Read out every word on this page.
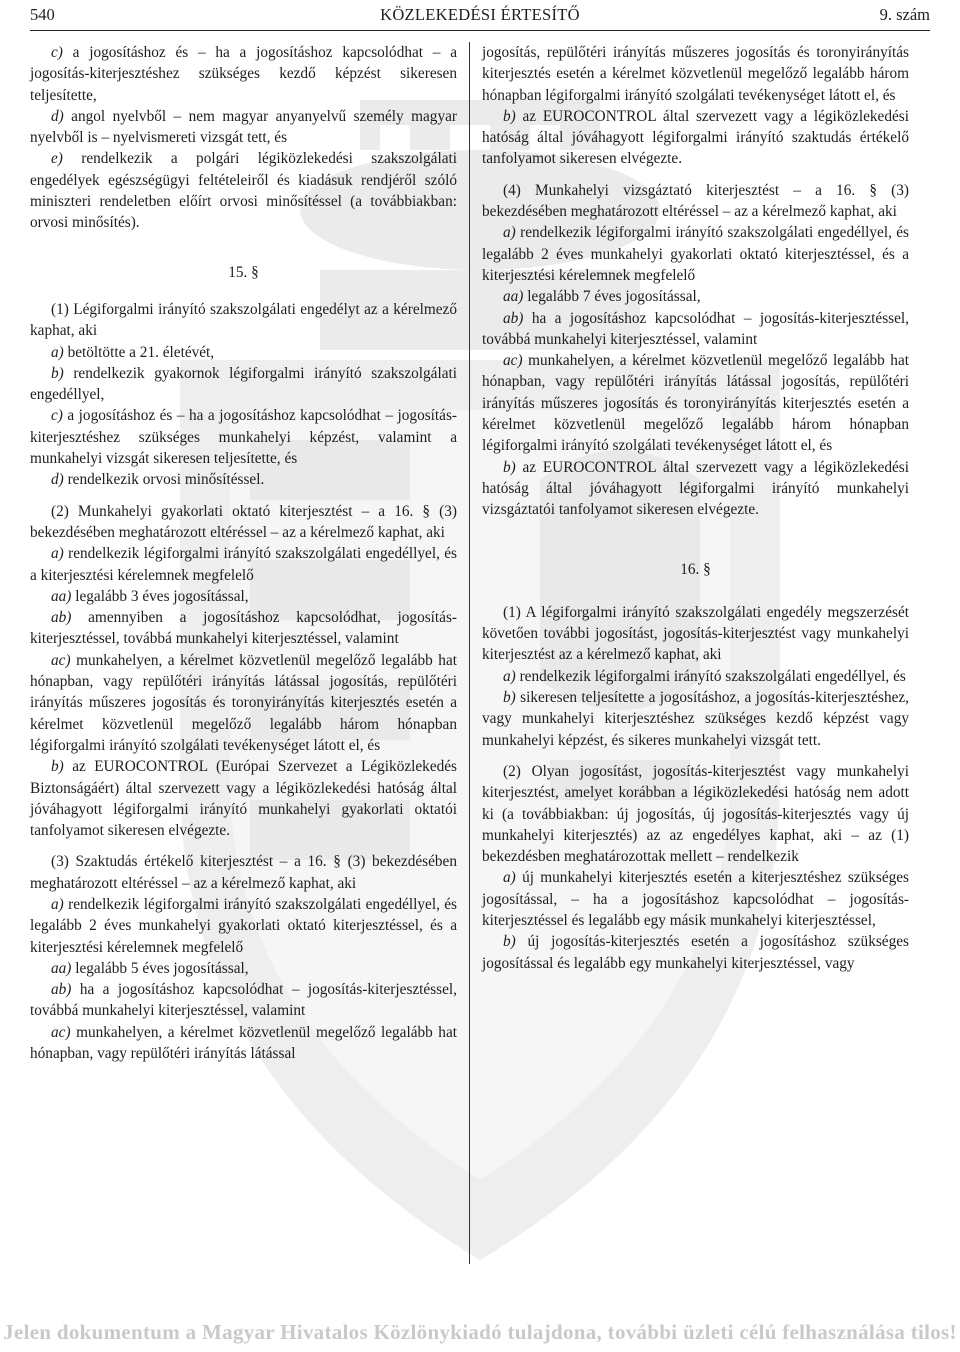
540	KÖZLEKEDÉSI ÉRTESÍTŐ	9. szám

c) a jogosításhoz és – ha a jogosításhoz kapcsolódhat – a jogosítás-kiterjesztéshez szükséges kezdő képzést sikeresen teljesítette,

d) angol nyelvből – nem magyar anyanyelvű személy magyar nyelvből is – nyelvismereti vizsgát tett, és

e) rendelkezik a polgári légiközlekedési szakszolgálati engedélyek egészségügyi feltételeiről és kiadásuk rendjéről szóló miniszteri rendeletben előírt orvosi minősítéssel (a továbbiakban: orvosi minősítés).

15. §

(1) Légiforgalmi irányító szakszolgálati engedélyt az a kérelmező kaphat, aki

a) betöltötte a 21. életévét,

b) rendelkezik gyakornok légiforgalmi irányító szakszolgálati engedéllyel,

c) a jogosításhoz és – ha a jogosításhoz kapcsolódhat – jogosítás-kiterjesztéshez szükséges munkahelyi képzést, valamint a munkahelyi vizsgát sikeresen teljesítette, és

d) rendelkezik orvosi minősítéssel.

(2) Munkahelyi gyakorlati oktató kiterjesztést – a 16. § (3) bekezdésében meghatározott eltéréssel – az a kérelmező kaphat, aki

a) rendelkezik légiforgalmi irányító szakszolgálati engedéllyel, és a kiterjesztési kérelemnek megfelelő

aa) legalább 3 éves jogosítással,

ab) amennyiben a jogosításhoz kapcsolódhat, jogosítás-kiterjesztéssel, továbbá munkahelyi kiterjesztéssel, valamint

ac) munkahelyen, a kérelmet közvetlenül megelőző legalább hat hónapban, vagy repülőtéri irányítás látással jogosítás, repülőtéri irányítás műszeres jogosítás és toronyirányítás kiterjesztés esetén a kérelmet közvetlenül megelőző legalább három hónapban légiforgalmi irányító szolgálati tevékenységet látott el, és

b) az EUROCONTROL (Európai Szervezet a Légiközlekedés Biztonságáért) által szervezett vagy a légiközlekedési hatóság által jóváhagyott légiforgalmi irányító munkahelyi gyakorlati oktatói tanfolyamot sikeresen elvégezte.

(3) Szaktudás értékelő kiterjesztést – a 16. § (3) bekezdésében meghatározott eltéréssel – az a kérelmező kaphat, aki

a) rendelkezik légiforgalmi irányító szakszolgálati engedéllyel, és legalább 2 éves munkahelyi gyakorlati oktató kiterjesztéssel, és a kiterjesztési kérelemnek megfelelő

aa) legalább 5 éves jogosítással,

ab) ha a jogosításhoz kapcsolódhat – jogosítás-kiterjesztéssel, továbbá munkahelyi kiterjesztéssel, valamint

ac) munkahelyen, a kérelmet közvetlenül megelőző legalább hat hónapban, vagy repülőtéri irányítás látással

jogosítás, repülőtéri irányítás műszeres jogosítás és toronyirányítás kiterjesztés esetén a kérelmet közvetlenül megelőző legalább három hónapban légiforgalmi irányító szolgálati tevékenységet látott el, és

b) az EUROCONTROL által szervezett vagy a légiközlekedési hatóság által jóváhagyott légiforgalmi irányító szaktudás értékelő tanfolyamot sikeresen elvégezte.

(4) Munkahelyi vizsgáztató kiterjesztést – a 16. § (3) bekezdésében meghatározott eltéréssel – az a kérelmező kaphat, aki

a) rendelkezik légiforgalmi irányító szakszolgálati engedéllyel, és legalább 2 éves munkahelyi gyakorlati oktató kiterjesztéssel, és a kiterjesztési kérelemnek megfelelő

aa) legalább 7 éves jogosítással,

ab) ha a jogosításhoz kapcsolódhat – jogosítás-kiterjesztéssel, továbbá munkahelyi kiterjesztéssel, valamint

ac) munkahelyen, a kérelmet közvetlenül megelőző legalább hat hónapban, vagy repülőtéri irányítás látással jogosítás, repülőtéri irányítás műszeres jogosítás és toronyirányítás kiterjesztés esetén a kérelmet közvetlenül megelőző legalább három hónapban légiforgalmi irányító szolgálati tevékenységet látott el, és

b) az EUROCONTROL által szervezett vagy a légiközlekedési hatóság által jóváhagyott légiforgalmi irányító munkahelyi vizsgáztatói tanfolyamot sikeresen elvégezte.

16. §

(1) A légiforgalmi irányító szakszolgálati engedély megszerzését követően további jogosítást, jogosítás-kiterjesztést vagy munkahelyi kiterjesztést az a kérelmező kaphat, aki

a) rendelkezik légiforgalmi irányító szakszolgálati engedéllyel, és

b) sikeresen teljesítette a jogosításhoz, a jogosítás-kiterjesztéshez, vagy munkahelyi kiterjesztéshez szükséges kezdő képzést vagy munkahelyi képzést, és sikeres munkahelyi vizsgát tett.

(2) Olyan jogosítást, jogosítás-kiterjesztést vagy munkahelyi kiterjesztést, amelyet korábban a légiközlekedési hatóság nem adott ki (a továbbiakban: új jogosítás, új jogosítás-kiterjesztés vagy új munkahelyi kiterjesztés) az az engedélyes kaphat, aki – az (1) bekezdésben meghatározottak mellett – rendelkezik

a) új munkahelyi kiterjesztés esetén a kiterjesztéshez szükséges jogosítással, – ha a jogosításhoz kapcsolódhat – jogosítás-kiterjesztéssel és legalább egy másik munkahelyi kiterjesztéssel,

b) új jogosítás-kiterjesztés esetén a jogosításhoz szükséges jogosítással és legalább egy munkahelyi kiterjesztéssel, vagy

Jelen dokumentum a Magyar Hivatalos Közlönykiadó tulajdona, további üzleti célú felhasználása tilos!
